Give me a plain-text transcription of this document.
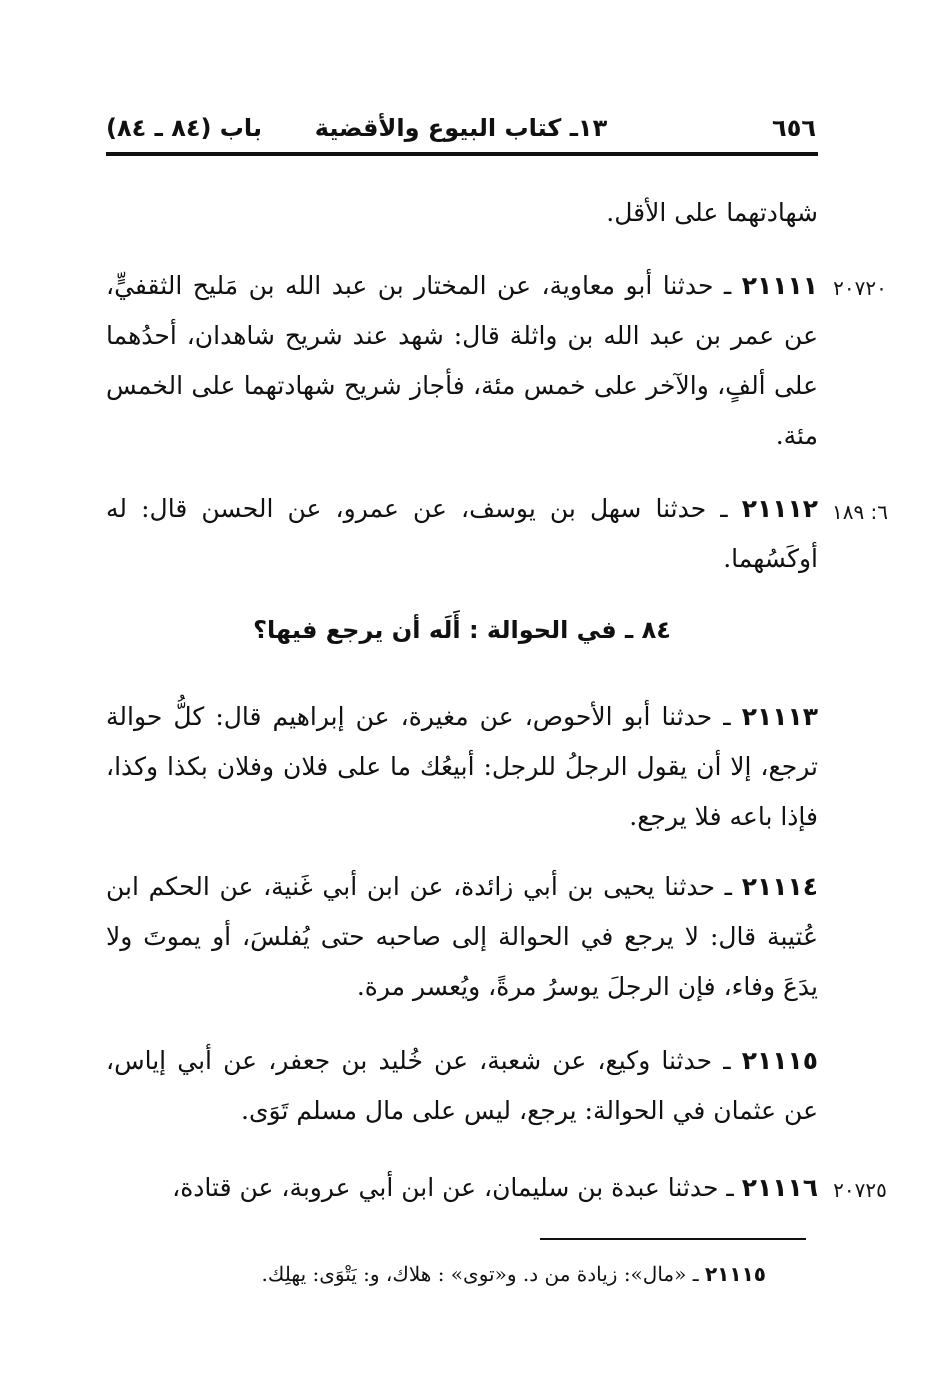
٦٥٦
١٣ـ كتاب البيوع والأقضية
باب (٨٤ ـ ٨٤)
شهادتهما على الأقل.
٢٠٧٢٠
٢١١١١ ـ حدثنا أبو معاوية، عن المختار بن عبد الله بن مَليح الثقفيٍّ، عن عمر بن عبد الله بن واثلة قال: شهد عند شريح شاهدان، أحدُهما على ألفٍ، والآخر على خمس مئة، فأجاز شريح شهادتهما على الخمس مئة.
٦: ١٨٩
٢١١١٢ ـ حدثنا سهل بن يوسف، عن عمرو، عن الحسن قال: له أوكَسُهما.
٨٤ ـ في الحوالة : أَلَه أن يرجع فيها؟
٢١١١٣ ـ حدثنا أبو الأحوص، عن مغيرة، عن إبراهيم قال: كلُّ حوالة ترجع، إلا أن يقول الرجلُ للرجل: أبيعُك ما على فلان وفلان بكذا وكذا، فإذا باعه فلا يرجع.
٢١١١٤ ـ حدثنا يحيى بن أبي زائدة، عن ابن أبي غَنية، عن الحكم ابن عُتيبة قال: لا يرجع في الحوالة إلى صاحبه حتى يُفلسَ، أو يموتَ ولا يدَعَ وفاء، فإن الرجلَ يوسرُ مرةً، ويُعسر مرة.
٢١١١٥ ـ حدثنا وكيع، عن شعبة، عن خُليد بن جعفر، عن أبي إياس، عن عثمان في الحوالة: يرجع، ليس على مال مسلم تَوَى.
٢٠٧٢٥
٢١١١٦ ـ حدثنا عبدة بن سليمان، عن ابن أبي عروبة، عن قتادة،
٢١١١٥ ـ «مال»: زيادة من د. و«توى» : هلاك، و: يَتْوَى: يهلِك.
